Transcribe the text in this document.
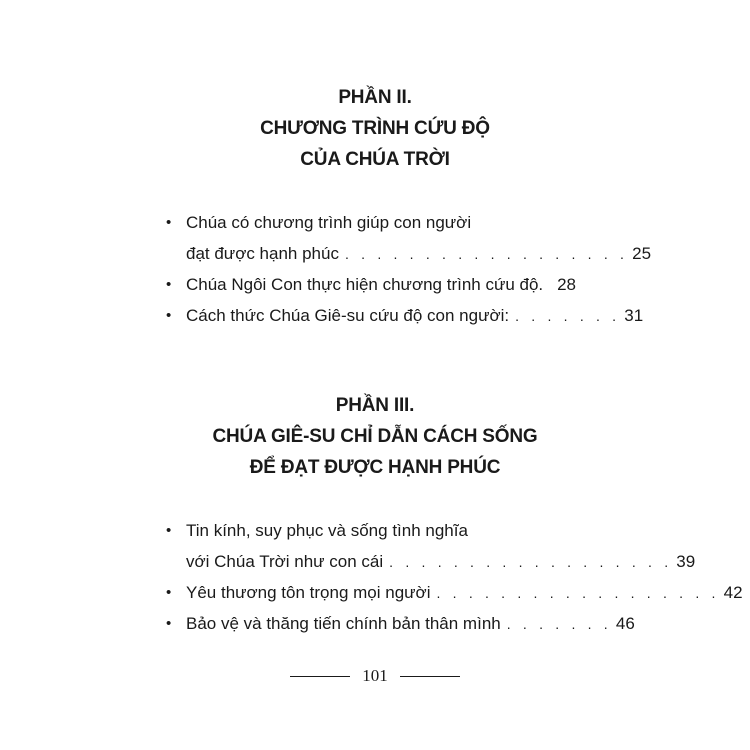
PHẦN II.
CHƯƠNG TRÌNH CỨU ĐỘ
CỦA CHÚA TRỜI
• Chúa có chương trình giúp con người
đạt được hạnh phúc . . . . . . . . . . . . . . . . . . 25
• Chúa Ngôi Con thực hiện chương trình cứu độ. 28
• Cách thức Chúa Giê-su cứu độ con người: . . . . . . . 31
PHẦN III.
CHÚA GIÊ-SU CHỈ DẪN CÁCH SỐNG
ĐỂ ĐẠT ĐƯỢC HẠNH PHÚC
• Tin kính, suy phục và sống tình nghĩa
với Chúa Trời như con cái . . . . . . . . . . . . . . . . . . 39
• Yêu thương tôn trọng mọi người . . . . . . . . . . . . . . . . . . 42
• Bảo vệ và thăng tiến chính bản thân mình . . . . . . . 46
101
